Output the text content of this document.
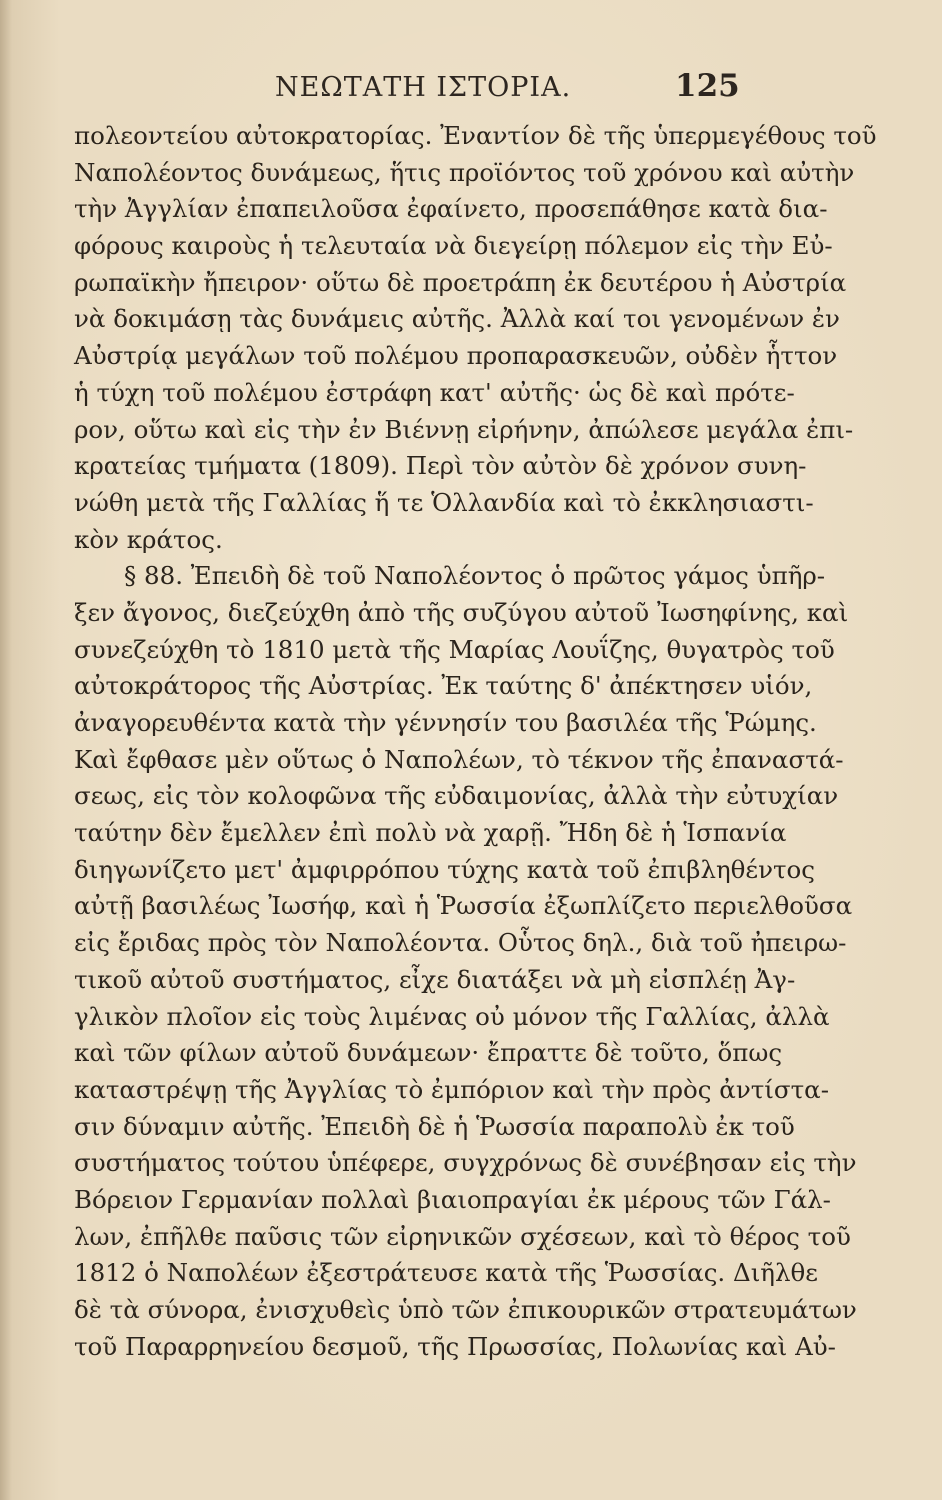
ΝΕΩΤΑΤΗ ΙΣΤΟΡΙΑ.	125
πολεοντείου αὐτοκρατορίας. Ἐναντίον δὲ τῆς ὑπερμεγέθους τοῦ
Ναπολέοντος δυνάμεως, ἥτις προϊόντος τοῦ χρόνου καὶ αὐτὴν
τὴν Ἀγγλίαν ἐπαπειλοῦσα ἐφαίνετο, προσεπάθησε κατὰ δια-
φόρους καιροὺς ἡ τελευταία νὰ διεγείρῃ πόλεμον εἰς τὴν Εὐ-
ρωπαϊκὴν ἤπειρον· οὕτω δὲ προετράπη ἐκ δευτέρου ἡ Αὐστρία
νὰ δοκιμάσῃ τὰς δυνάμεις αὐτῆς. Ἀλλὰ καί τοι γενομένων ἐν
Αὐστρίᾳ μεγάλων τοῦ πολέμου προπαρασκευῶν, οὐδὲν ἧττον
ἡ τύχη τοῦ πολέμου ἐστράφη κατ' αὐτῆς· ὡς δὲ καὶ πρότε-
ρον, οὕτω καὶ εἰς τὴν ἐν Βιέννῃ εἰρήνην, ἀπώλεσε μεγάλα ἐπι-
κρατείας τμήματα (1809). Περὶ τὸν αὐτὸν δὲ χρόνον συνη-
νώθη μετὰ τῆς Γαλλίας ἥ τε Ὁλλανδία καὶ τὸ ἐκκλησιαστι-
κὸν κράτος.
§ 88. Ἐπειδὴ δὲ τοῦ Ναπολέοντος ὁ πρῶτος γάμος ὑπῆρ-
ξεν ἄγονος, διεζεύχθη ἀπὸ τῆς συζύγου αὐτοῦ Ἰωσηφίνης, καὶ
συνεζεύχθη τὸ 1810 μετὰ τῆς Μαρίας Λουΐζης, θυγατρὸς τοῦ
αὐτοκράτορος τῆς Αὐστρίας. Ἐκ ταύτης δ' ἀπέκτησεν υἱόν,
ἀναγορευθέντα κατὰ τὴν γέννησίν του βασιλέα τῆς Ῥώμης.
Καὶ ἔφθασε μὲν οὕτως ὁ Ναπολέων, τὸ τέκνον τῆς ἐπαναστά-
σεως, εἰς τὸν κολοφῶνα τῆς εὐδαιμονίας, ἀλλὰ τὴν εὐτυχίαν
ταύτην δὲν ἔμελλεν ἐπὶ πολὺ νὰ χαρῇ. Ἤδη δὲ ἡ Ἱσπανία
διηγωνίζετο μετ' ἀμφιρρόπου τύχης κατὰ τοῦ ἐπιβληθέντος
αὐτῇ βασιλέως Ἰωσήφ, καὶ ἡ Ῥωσσία ἐξωπλίζετο περιελθοῦσα
εἰς ἔριδας πρὸς τὸν Ναπολέοντα. Οὗτος δηλ., διὰ τοῦ ἠπειρω-
τικοῦ αὐτοῦ συστήματος, εἶχε διατάξει νὰ μὴ εἰσπλέῃ Ἀγ-
γλικὸν πλοῖον εἰς τοὺς λιμένας οὐ μόνον τῆς Γαλλίας, ἀλλὰ
καὶ τῶν φίλων αὐτοῦ δυνάμεων· ἔπραττε δὲ τοῦτο, ὅπως
καταστρέψῃ τῆς Ἀγγλίας τὸ ἐμπόριον καὶ τὴν πρὸς ἀντίστα-
σιν δύναμιν αὐτῆς. Ἐπειδὴ δὲ ἡ Ῥωσσία παραπολὺ ἐκ τοῦ
συστήματος τούτου ὑπέφερε, συγχρόνως δὲ συνέβησαν εἰς τὴν
Βόρειον Γερμανίαν πολλαὶ βιαιοπραγίαι ἐκ μέρους τῶν Γάλ-
λων, ἐπῆλθε παῦσις τῶν εἰρηνικῶν σχέσεων, καὶ τὸ θέρος τοῦ
1812 ὁ Ναπολέων ἐξεστράτευσε κατὰ τῆς Ῥωσσίας. Διῆλθε
δὲ τὰ σύνορα, ἐνισχυθεὶς ὑπὸ τῶν ἐπικουρικῶν στρατευμάτων
τοῦ Παραρρηνείου δεσμοῦ, τῆς Πρωσσίας, Πολωνίας καὶ Αὐ-
